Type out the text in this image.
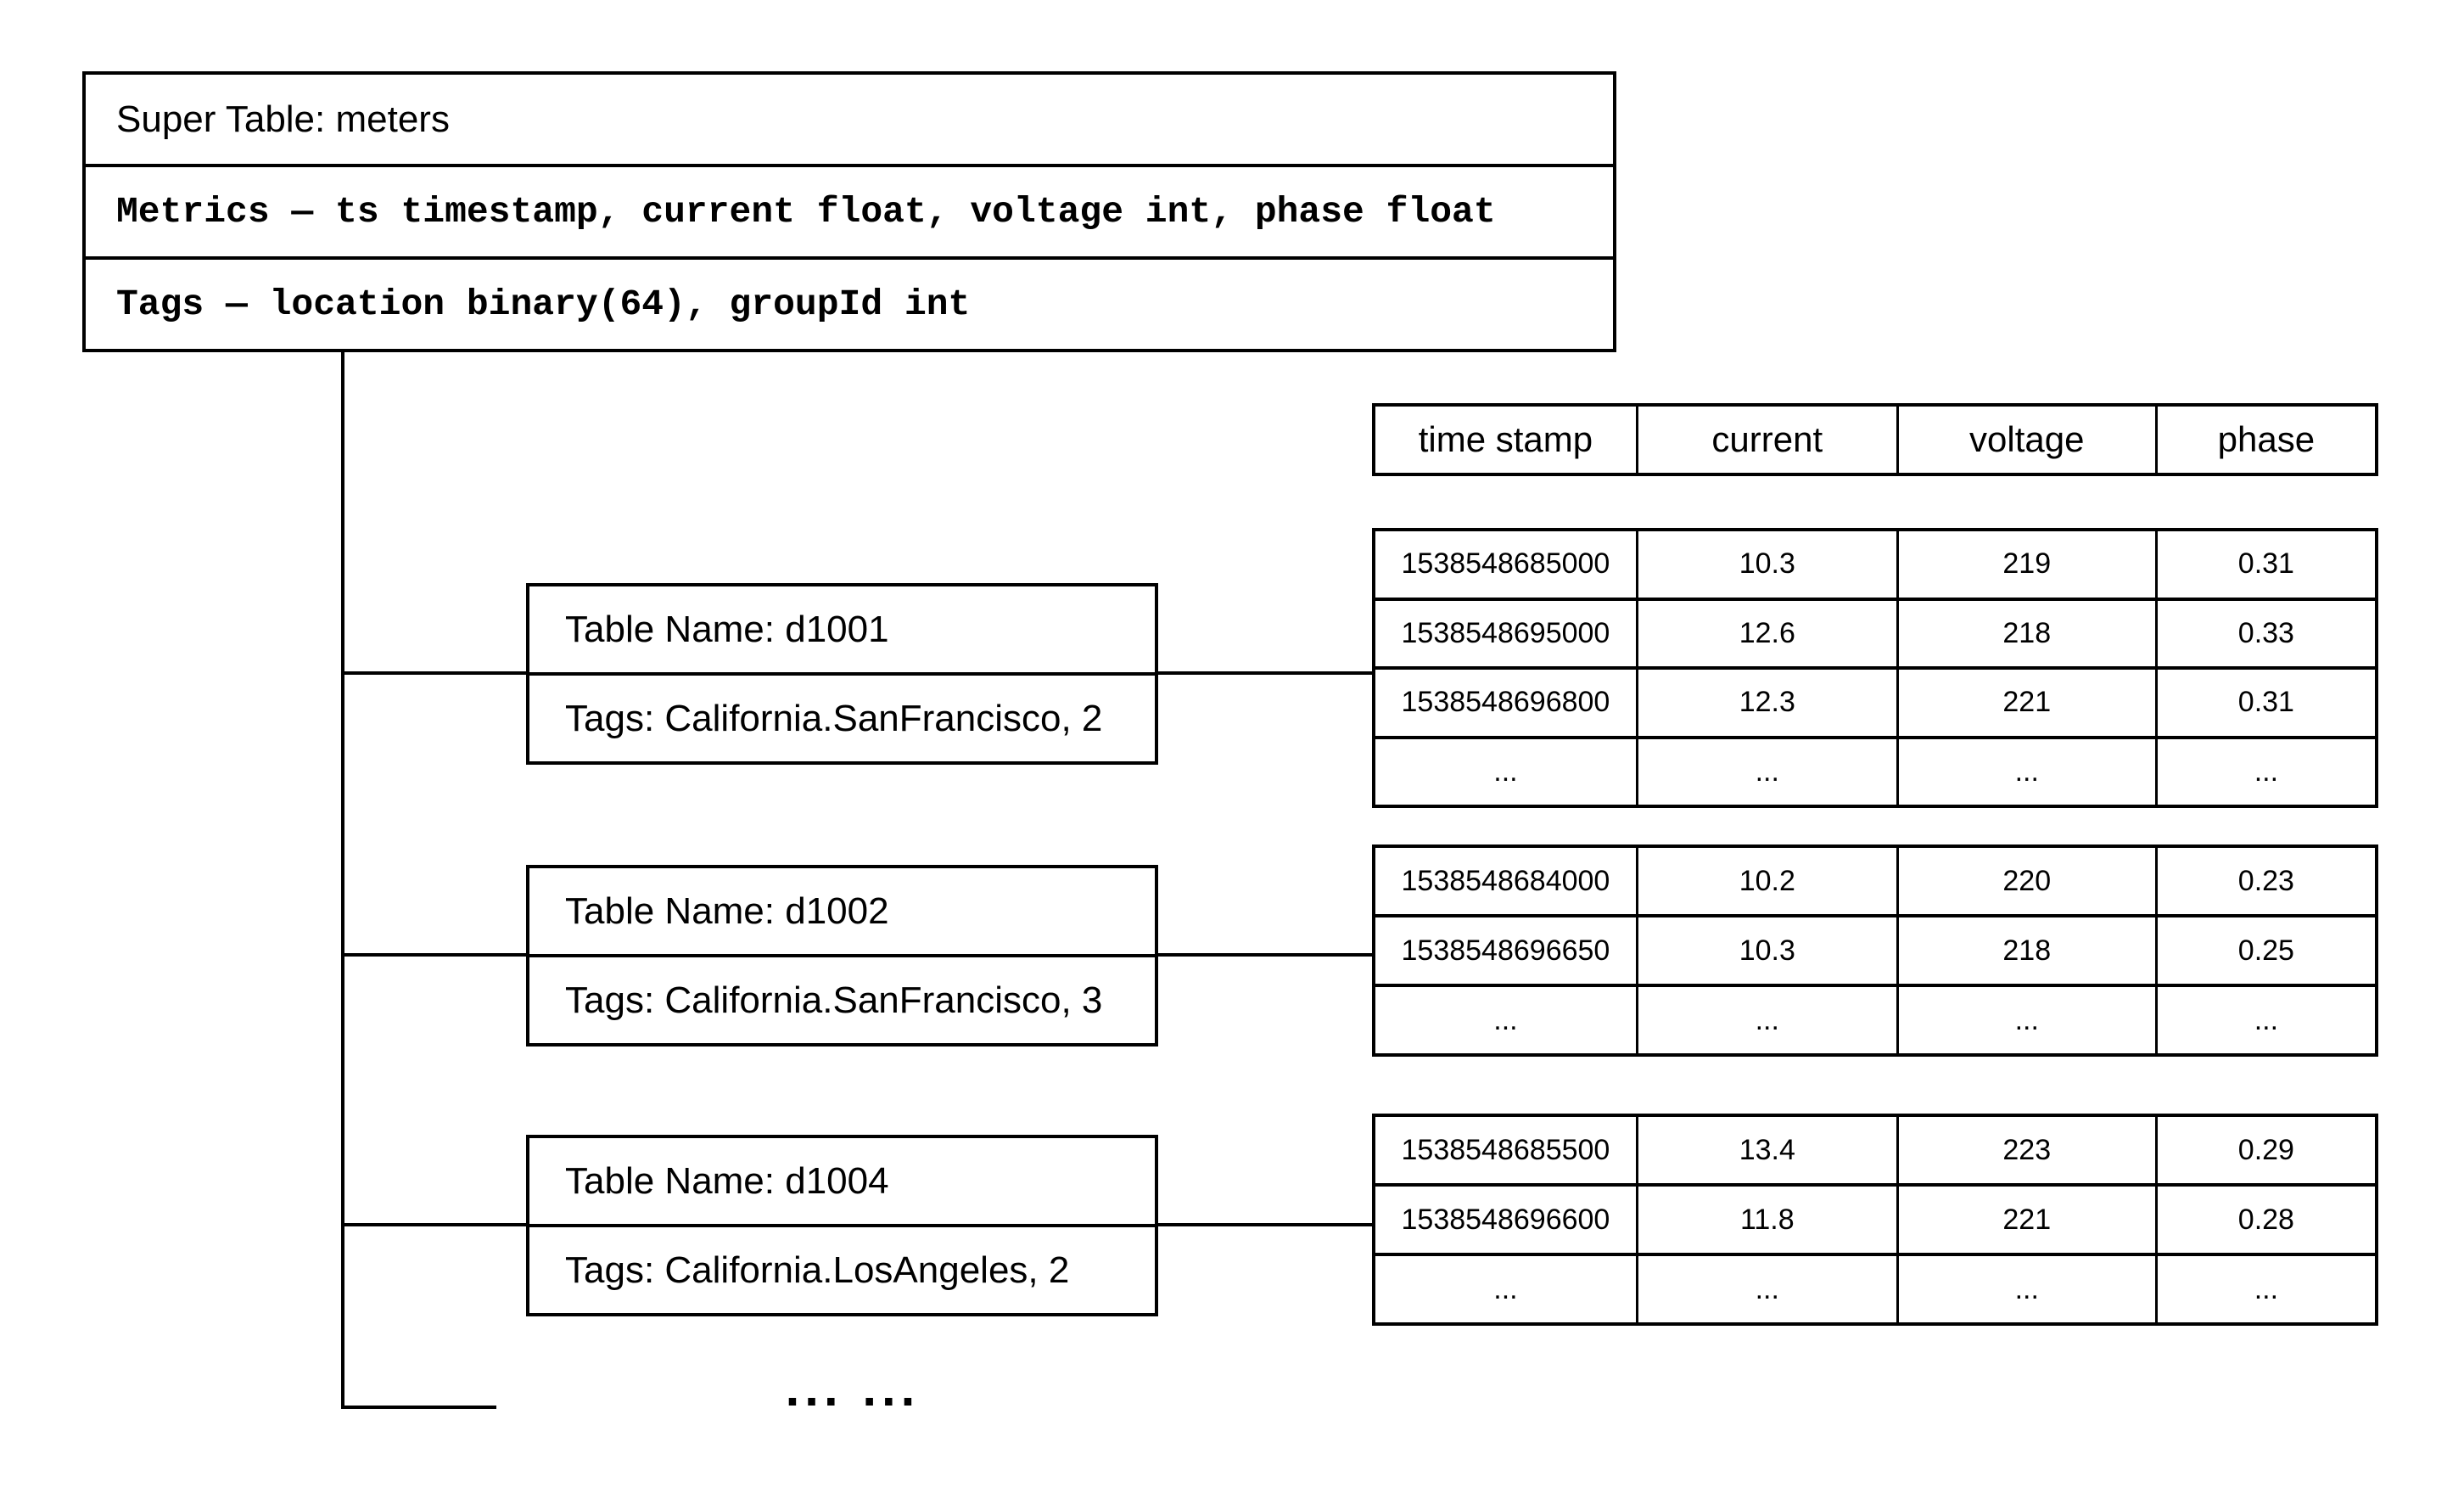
Super Table: meters
Metrics — ts timestamp, current float, voltage int, phase float
Tags — location binary(64), groupId int
Table Name: d1001
Tags: California.SanFrancisco, 2
Table Name: d1002
Tags: California.SanFrancisco, 3
Table Name: d1004
Tags: California.LosAngeles, 2
time stamp	current	voltage	phase
1538548685000	10.3	219	0.31
1538548695000	12.6	218	0.33
1538548696800	12.3	221	0.31
...	...	...	...
1538548684000	10.2	220	0.23
1538548696650	10.3	218	0.25
...	...	...	...
1538548685500	13.4	223	0.29
1538548696600	11.8	221	0.28
...	...	...	...
... ...
